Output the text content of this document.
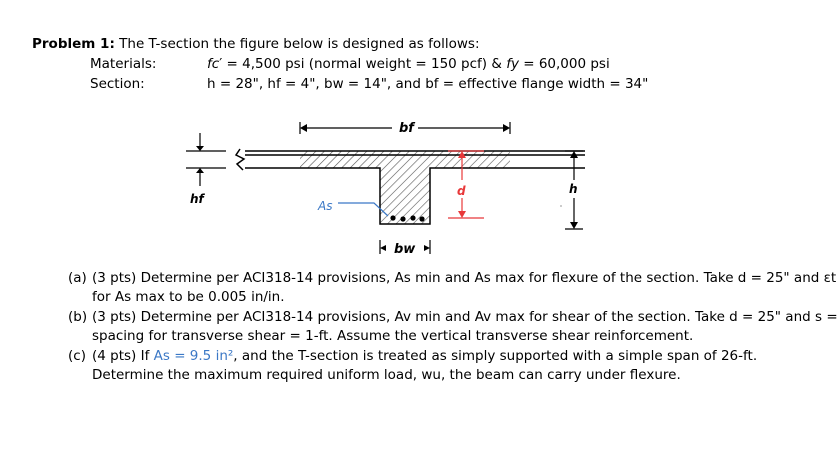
Problem 1: The T-section the figure below is designed as follows:
Materials:	fc′ = 4,500 psi (normal weight = 150 pcf) & fy = 60,000 psi
Section:	h = 28", hf = 4", bw = 14", and bf = effective flange width = 34"
hf
bf
h
d
As
bw
(a) (3 pts) Determine per ACI318-14 provisions, As min and As max for flexure of the section. Take d = 25" and εt
for As max to be 0.005 in/in.
(b) (3 pts) Determine per ACI318-14 provisions, Av min and Av max for shear of the section. Take d = 25" and s =
spacing for transverse shear = 1-ft. Assume the vertical transverse shear reinforcement.
(c) (4 pts) If As = 9.5 in², and the T-section is treated as simply supported with a simple span of 26-ft.
Determine the maximum required uniform load, wu, the beam can carry under flexure.
